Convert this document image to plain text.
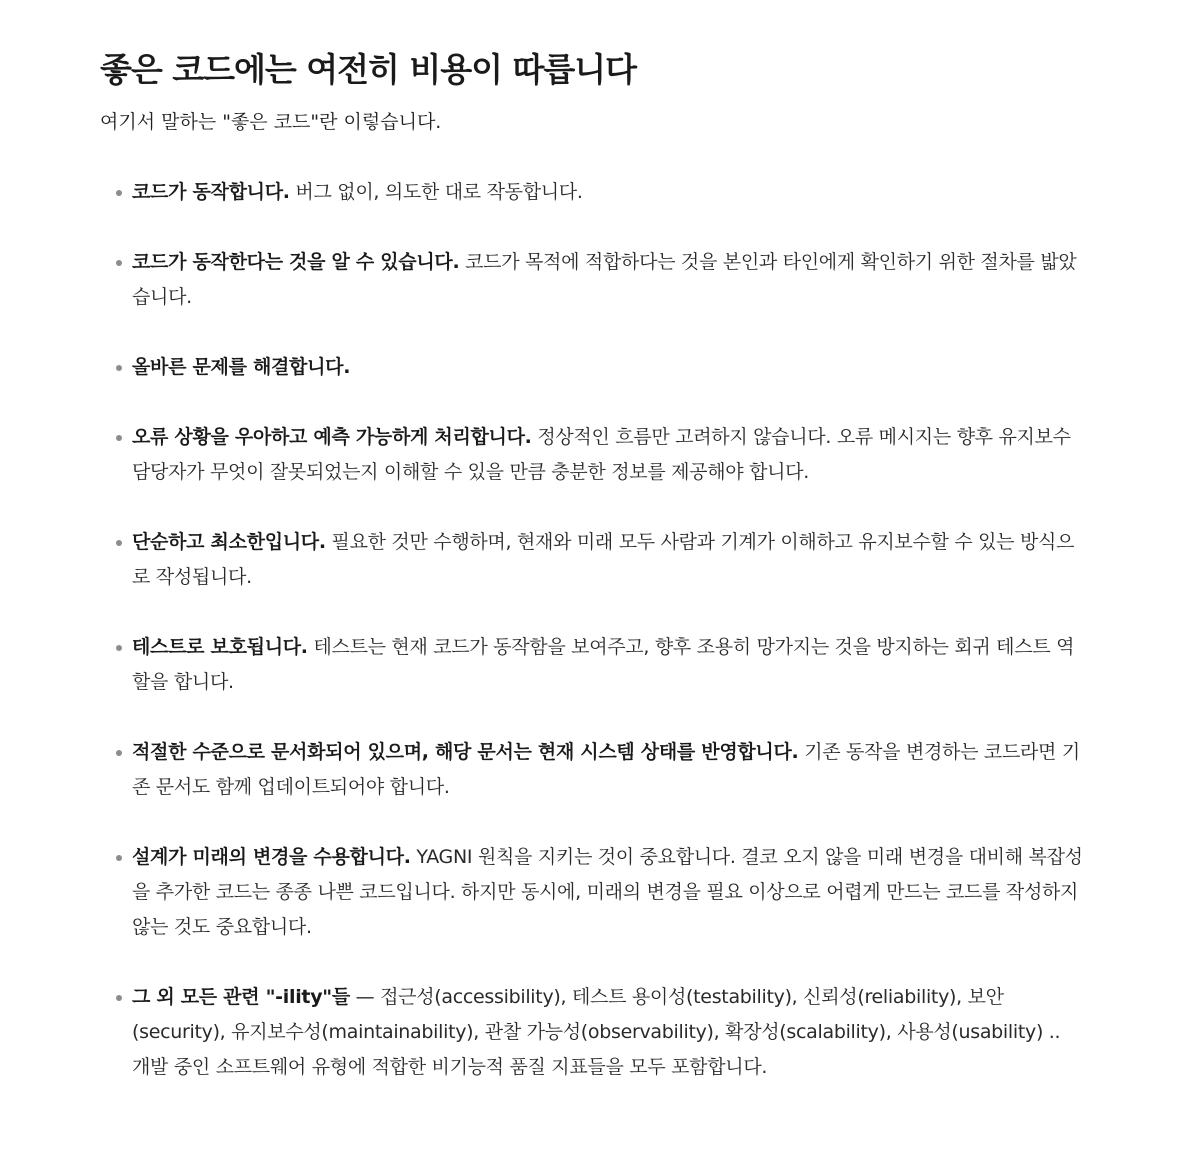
좋은 코드에는 여전히 비용이 따릅니다

여기서 말하는 "좋은 코드"란 이렇습니다.

코드가 동작합니다. 버그 없이, 의도한 대로 작동합니다.
코드가 동작한다는 것을 알 수 있습니다. 코드가 목적에 적합하다는 것을 본인과 타인에게 확인하기 위한 절차를 밟았습니다.
올바른 문제를 해결합니다.
오류 상황을 우아하고 예측 가능하게 처리합니다. 정상적인 흐름만 고려하지 않습니다. 오류 메시지는 향후 유지보수 담당자가 무엇이 잘못되었는지 이해할 수 있을 만큼 충분한 정보를 제공해야 합니다.
단순하고 최소한입니다. 필요한 것만 수행하며, 현재와 미래 모두 사람과 기계가 이해하고 유지보수할 수 있는 방식으로 작성됩니다.
테스트로 보호됩니다. 테스트는 현재 코드가 동작함을 보여주고, 향후 조용히 망가지는 것을 방지하는 회귀 테스트 역할을 합니다.
적절한 수준으로 문서화되어 있으며, 해당 문서는 현재 시스템 상태를 반영합니다. 기존 동작을 변경하는 코드라면 기존 문서도 함께 업데이트되어야 합니다.
설계가 미래의 변경을 수용합니다. YAGNI 원칙을 지키는 것이 중요합니다. 결코 오지 않을 미래 변경을 대비해 복잡성을 추가한 코드는 종종 나쁜 코드입니다. 하지만 동시에, 미래의 변경을 필요 이상으로 어렵게 만드는 코드를 작성하지 않는 것도 중요합니다.
그 외 모든 관련 "-ility"들 — 접근성(accessibility), 테스트 용이성(testability), 신뢰성(reliability), 보안(security), 유지보수성(maintainability), 관찰 가능성(observability), 확장성(scalability), 사용성(usability) .. 개발 중인 소프트웨어 유형에 적합한 비기능적 품질 지표들을 모두 포함합니다.
